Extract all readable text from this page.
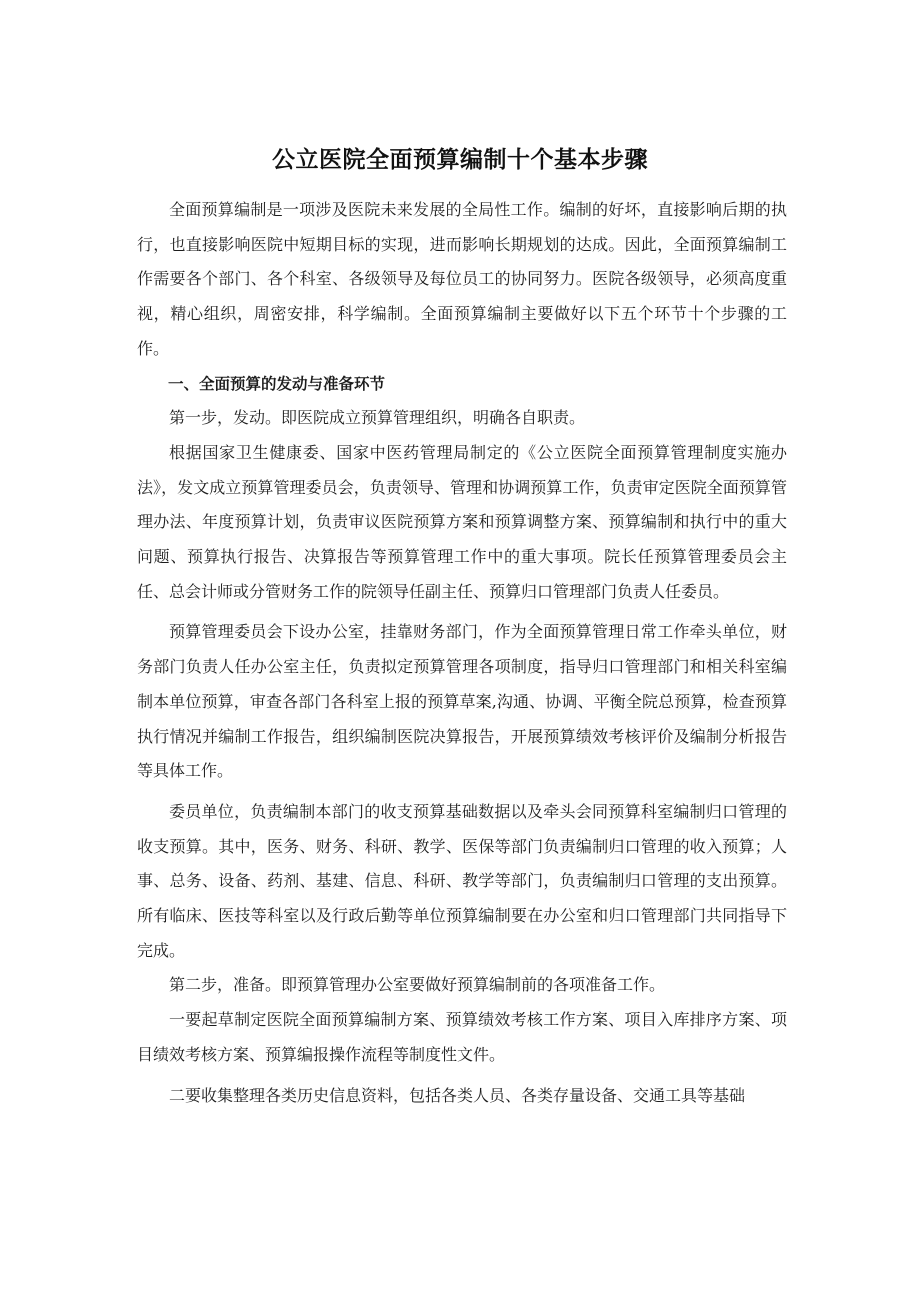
公立医院全面预算编制十个基本步骤

全面预算编制是一项涉及医院未来发展的全局性工作。编制的好坏，直接影响后期的执行，也直接影响医院中短期目标的实现，进而影响长期规划的达成。因此，全面预算编制工作需要各个部门、各个科室、各级领导及每位员工的协同努力。医院各级领导，必须高度重视，精心组织，周密安排，科学编制。全面预算编制主要做好以下五个环节十个步骤的工作。

一、全面预算的发动与准备环节

第一步，发动。即医院成立预算管理组织，明确各自职责。

根据国家卫生健康委、国家中医药管理局制定的《公立医院全面预算管理制度实施办法》，发文成立预算管理委员会，负责领导、管理和协调预算工作，负责审定医院全面预算管理办法、年度预算计划，负责审议医院预算方案和预算调整方案、预算编制和执行中的重大问题、预算执行报告、决算报告等预算管理工作中的重大事项。院长任预算管理委员会主任、总会计师或分管财务工作的院领导任副主任、预算归口管理部门负责人任委员。

预算管理委员会下设办公室，挂靠财务部门，作为全面预算管理日常工作牵头单位，财务部门负责人任办公室主任，负责拟定预算管理各项制度，指导归口管理部门和相关科室编制本单位预算，审查各部门各科室上报的预算草案,沟通、协调、平衡全院总预算，检查预算执行情况并编制工作报告，组织编制医院决算报告，开展预算绩效考核评价及编制分析报告等具体工作。

委员单位，负责编制本部门的收支预算基础数据以及牵头会同预算科室编制归口管理的收支预算。其中，医务、财务、科研、教学、医保等部门负责编制归口管理的收入预算；人事、总务、设备、药剂、基建、信息、科研、教学等部门，负责编制归口管理的支出预算。所有临床、医技等科室以及行政后勤等单位预算编制要在办公室和归口管理部门共同指导下完成。

第二步，准备。即预算管理办公室要做好预算编制前的各项准备工作。

一要起草制定医院全面预算编制方案、预算绩效考核工作方案、项目入库排序方案、项目绩效考核方案、预算编报操作流程等制度性文件。

二要收集整理各类历史信息资料，包括各类人员、各类存量设备、交通工具等基础
